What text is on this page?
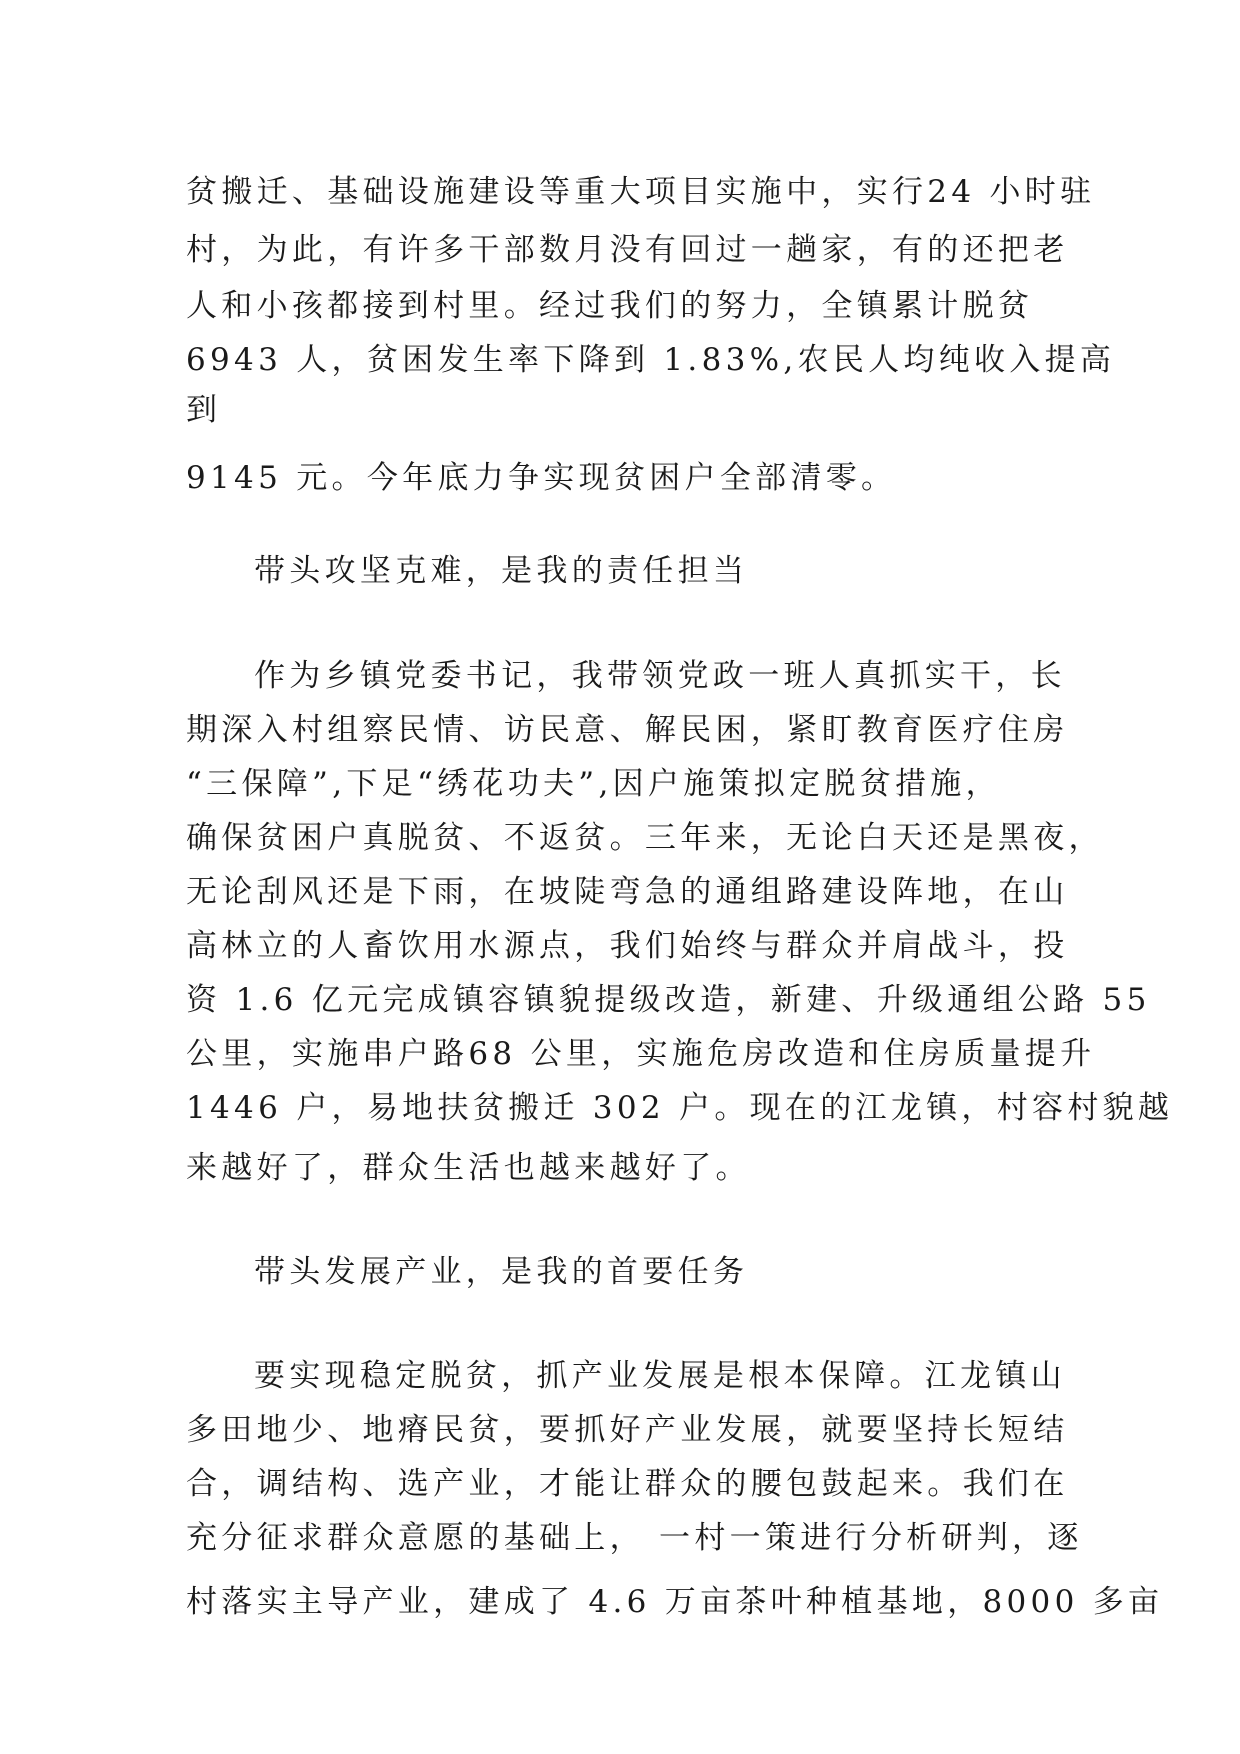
贫搬迁、基础设施建设等重大项目实施中，实行24 小时驻

村，为此，有许多干部数月没有回过一趟家，有的还把老

人和小孩都接到村里。经过我们的努力，全镇累计脱贫

6943 人，贫困发生率下降到 1.83%,农民人均纯收入提高

到

9145 元。今年底力争实现贫困户全部清零。

带头攻坚克难，是我的责任担当

作为乡镇党委书记，我带领党政一班人真抓实干，长

期深入村组察民情、访民意、解民困，紧盯教育医疗住房

“三保障”,下足“绣花功夫”,因户施策拟定脱贫措施，

确保贫困户真脱贫、不返贫。三年来，无论白天还是黑夜，

无论刮风还是下雨，在坡陡弯急的通组路建设阵地，在山

高林立的人畜饮用水源点，我们始终与群众并肩战斗，投

资 1.6 亿元完成镇容镇貌提级改造，新建、升级通组公路 55

公里，实施串户路68 公里，实施危房改造和住房质量提升

1446 户，易地扶贫搬迁 302 户。现在的江龙镇，村容村貌越

来越好了，群众生活也越来越好了。

带头发展产业，是我的首要任务

要实现稳定脱贫，抓产业发展是根本保障。江龙镇山

多田地少、地瘠民贫，要抓好产业发展，就要坚持长短结

合，调结构、选产业，才能让群众的腰包鼓起来。我们在

充分征求群众意愿的基础上， 一村一策进行分析研判，逐

村落实主导产业，建成了 4.6 万亩茶叶种植基地，8000 多亩
